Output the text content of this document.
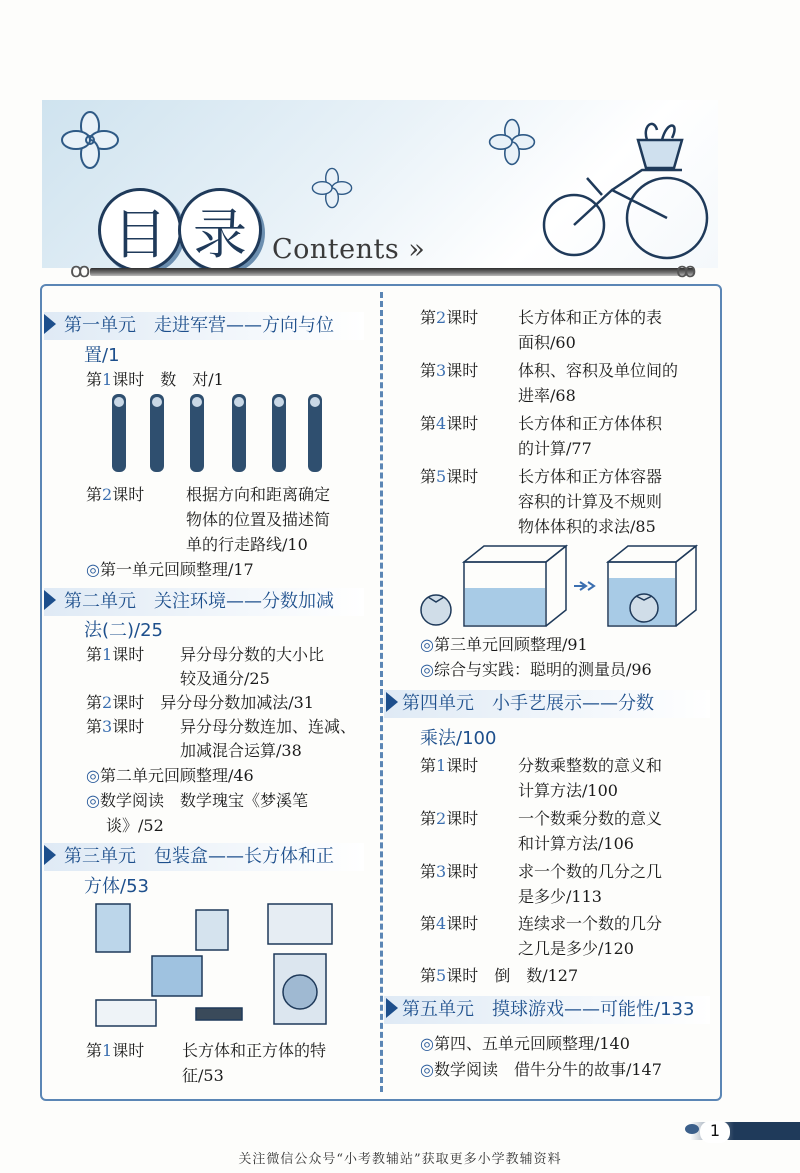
目 录 Contents »
ꝏ	ꝏ
第一单元　走进军营——方向与位
置/1
第1课时　 数　对/1
第2课时	根据方向和距离确定
物体的位置及描述简
单的行走路线/10
◎第一单元回顾整理/17
第二单元　关注环境——分数加减
法(二)/25
第1课时 异分母分数的大小比
较及通分/25
第2课时　 异分母分数加减法/31
第3课时 异分母分数连加、连减、
加减混合运算/38
◎第二单元回顾整理/46
◎数学阅读　数学瑰宝《梦溪笔
谈》/52
第三单元　包装盒——长方体和正
方体/53
第1课时 长方体和正方体的特
征/53
第2课时 长方体和正方体的表
面积/60
第3课时 体积、容积及单位间的
进率/68
第4课时 长方体和正方体体积
的计算/77
第5课时 长方体和正方体容器
容积的计算及不规则
物体体积的求法/85
◎第三单元回顾整理/91
◎综合与实践：聪明的测量员/96
第四单元　小手艺展示——分数
乘法/100
第1课时 分数乘整数的意义和
计算方法/100
第2课时 一个数乘分数的意义
和计算方法/106
第3课时 求一个数的几分之几
是多少/113
第4课时 连续求一个数的几分
之几是多少/120
第5课时　 倒　数/127
第五单元　摸球游戏——可能性/133
◎第四、五单元回顾整理/140
◎数学阅读　借牛分牛的故事/147
1
关注微信公众号“小考教辅站”获取更多小学教辅资料
